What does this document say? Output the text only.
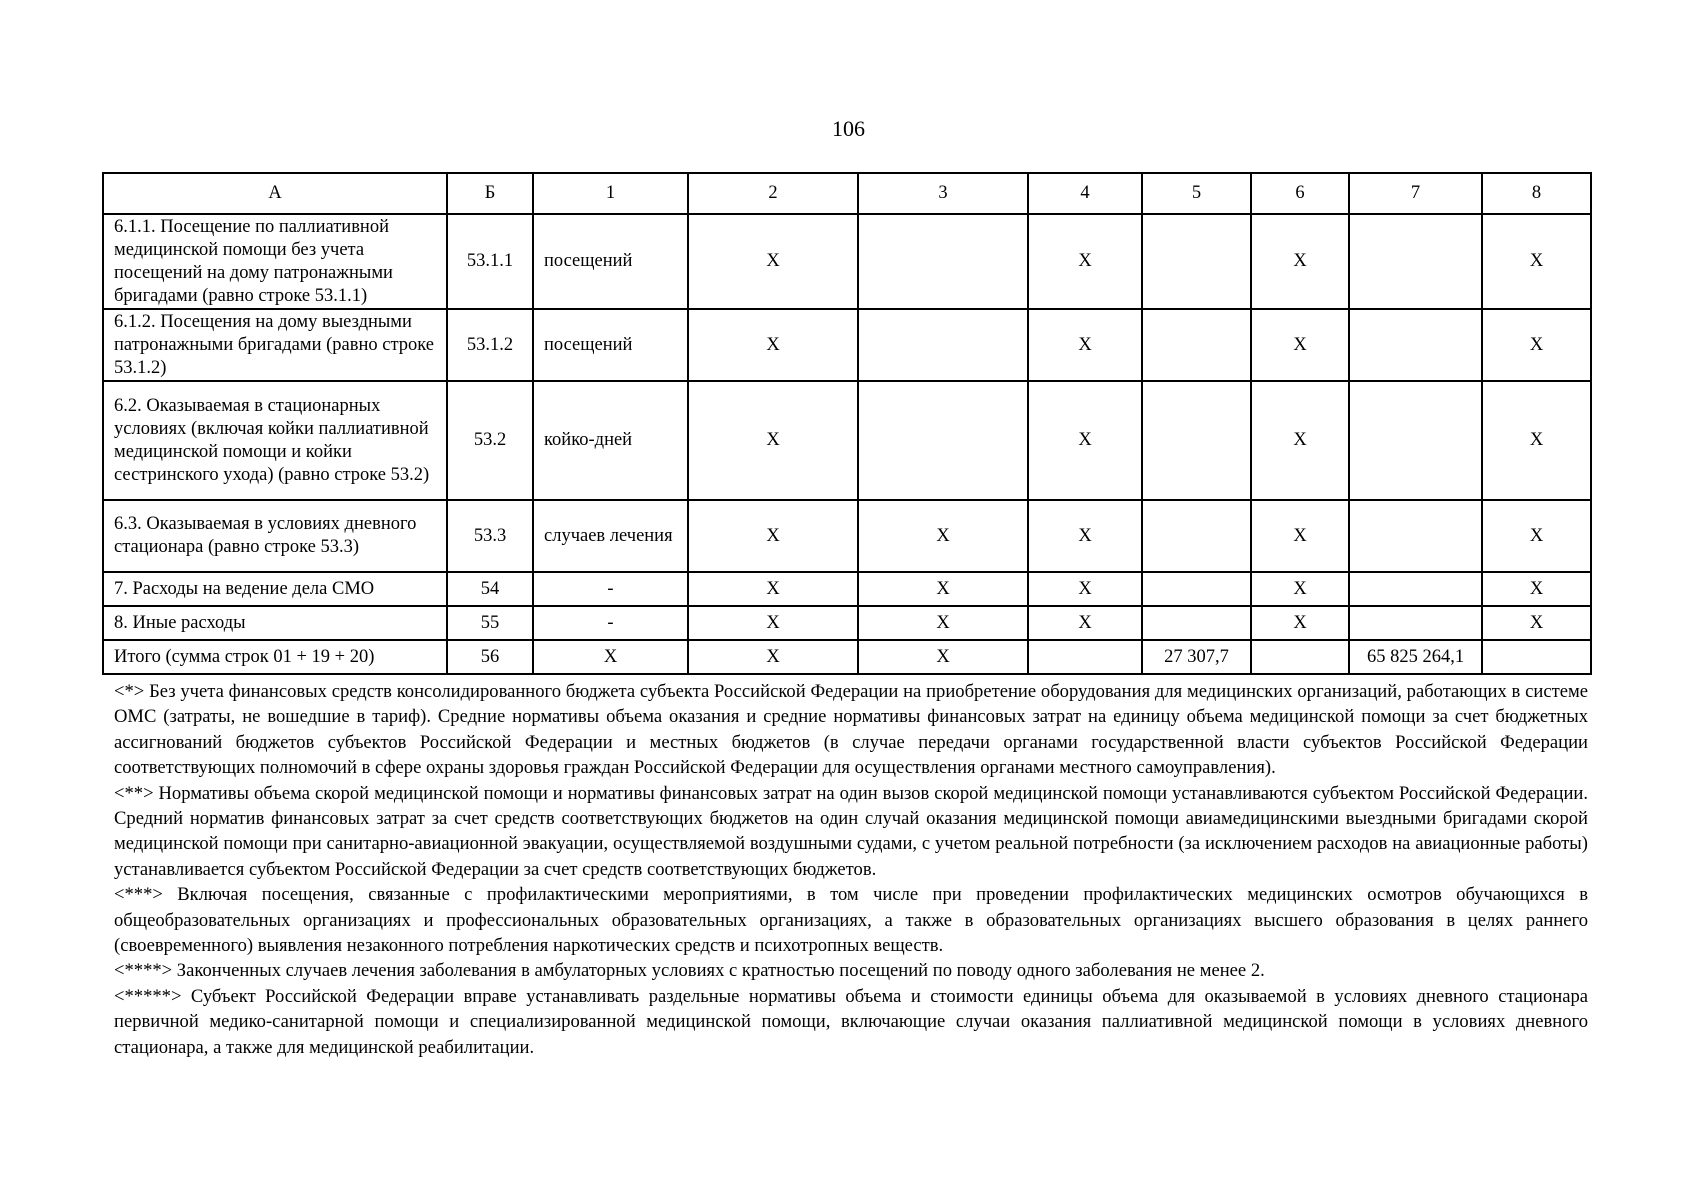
106
А	Б	1	2	3	4	5	6	7	8
6.1.1. Посещение по паллиативной медицинской помощи без учета посещений на дому патронажными бригадами (равно строке 53.1.1)	53.1.1	посещений	Х		Х		Х		Х
6.1.2. Посещения на дому выездными патронажными бригадами (равно строке 53.1.2)	53.1.2	посещений	Х		Х		Х		Х
6.2. Оказываемая в стационарных условиях (включая койки паллиативной медицинской помощи и койки сестринского ухода) (равно строке 53.2)	53.2	койко-дней	Х		Х		Х		Х
6.3. Оказываемая в условиях дневного стационара (равно строке 53.3)	53.3	случаев лечения	Х	Х	Х		Х		Х
7. Расходы на ведение дела СМО	54	-	Х	Х	Х		Х		Х
8. Иные расходы	55	-	Х	Х	Х		Х		Х
Итого (сумма строк 01 + 19 + 20)	56	Х	Х	Х		27 307,7		65 825 264,1	

<*> Без учета финансовых средств консолидированного бюджета субъекта Российской Федерации на приобретение оборудования для медицинских организаций, работающих в системе ОМС (затраты, не вошедшие в тариф). Средние нормативы объема оказания и средние нормативы финансовых затрат на единицу объема медицинской помощи за счет бюджетных ассигнований бюджетов субъектов Российской Федерации и местных бюджетов (в случае передачи органами государственной власти субъектов Российской Федерации соответствующих полномочий в сфере охраны здоровья граждан Российской Федерации для осуществления органами местного самоуправления).

<**> Нормативы объема скорой медицинской помощи и нормативы финансовых затрат на один вызов скорой медицинской помощи устанавливаются субъектом Российской Федерации. Средний норматив финансовых затрат за счет средств соответствующих бюджетов на один случай оказания медицинской помощи авиамедицинскими выездными бригадами скорой медицинской помощи при санитарно-авиационной эвакуации, осуществляемой воздушными судами, с учетом реальной потребности (за исключением расходов на авиационные работы) устанавливается субъектом Российской Федерации за счет средств соответствующих бюджетов.

<***> Включая посещения, связанные с профилактическими мероприятиями, в том числе при проведении профилактических медицинских осмотров обучающихся в общеобразовательных организациях и профессиональных образовательных организациях, а также в образовательных организациях высшего образования в целях раннего (своевременного) выявления незаконного потребления наркотических средств и психотропных веществ.

<****> Законченных случаев лечения заболевания в амбулаторных условиях с кратностью посещений по поводу одного заболевания не менее 2.

<*****> Субъект Российской Федерации вправе устанавливать раздельные нормативы объема и стоимости единицы объема для оказываемой в условиях дневного стационара первичной медико-санитарной помощи и специализированной медицинской помощи, включающие случаи оказания паллиативной медицинской помощи в условиях дневного стационара, а также для медицинской реабилитации.
